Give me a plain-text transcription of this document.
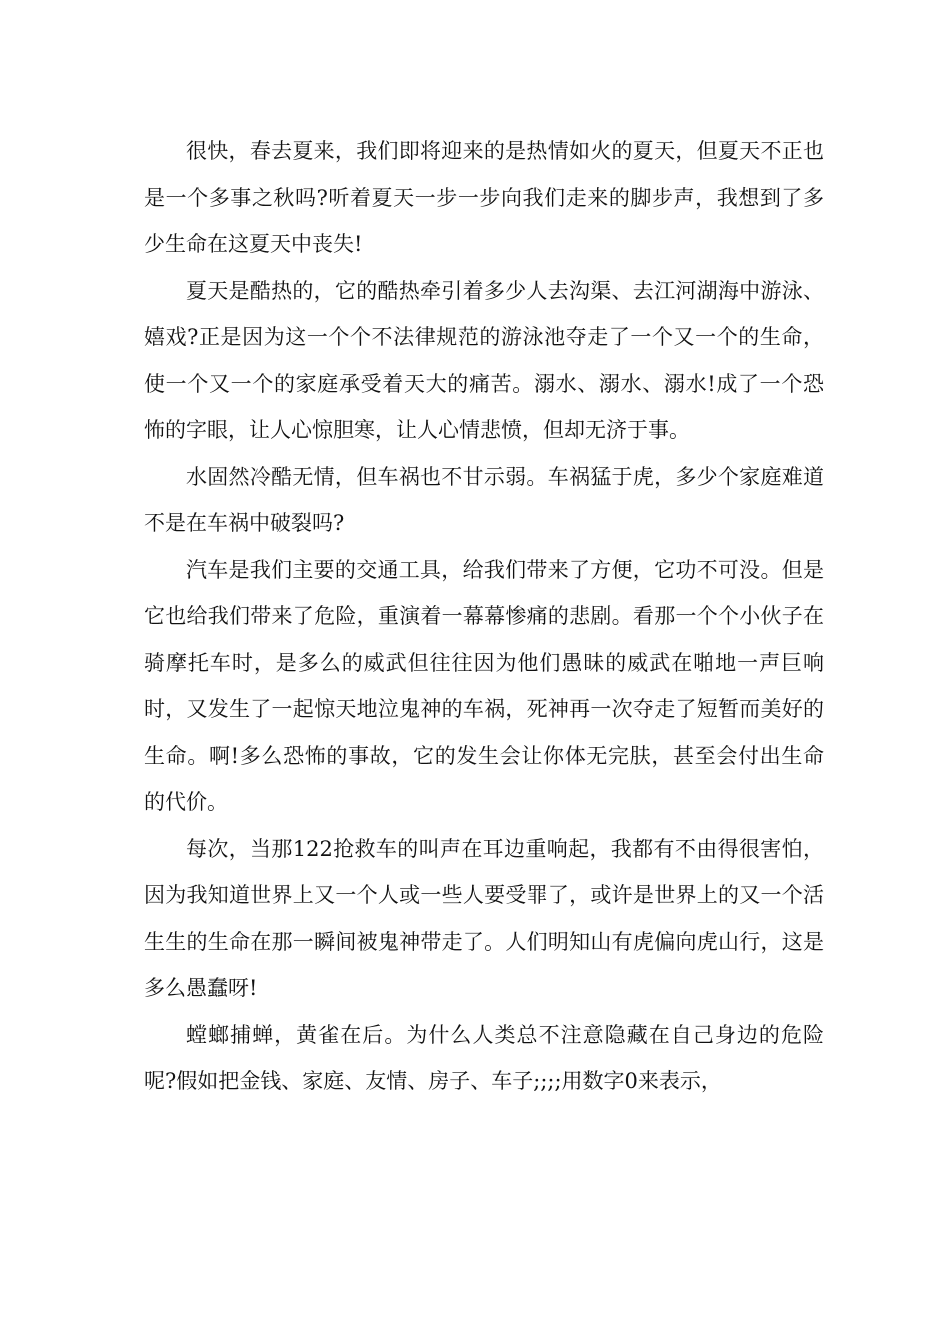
很快，春去夏来，我们即将迎来的是热情如火的夏天，但夏天不正也是一个多事之秋吗?听着夏天一步一步向我们走来的脚步声，我想到了多少生命在这夏天中丧失!

夏天是酷热的，它的酷热牵引着多少人去沟渠、去江河湖海中游泳、嬉戏?正是因为这一个个不法律规范的游泳池夺走了一个又一个的生命，使一个又一个的家庭承受着天大的痛苦。溺水、溺水、溺水!成了一个恐怖的字眼，让人心惊胆寒，让人心情悲愤，但却无济于事。

水固然冷酷无情，但车祸也不甘示弱。车祸猛于虎，多少个家庭难道不是在车祸中破裂吗?

汽车是我们主要的交通工具，给我们带来了方便，它功不可没。但是它也给我们带来了危险，重演着一幕幕惨痛的悲剧。看那一个个小伙子在骑摩托车时，是多么的威武但往往因为他们愚昧的威武在啪地一声巨响时，又发生了一起惊天地泣鬼神的车祸，死神再一次夺走了短暂而美好的生命。啊!多么恐怖的事故，它的发生会让你体无完肤，甚至会付出生命的代价。

每次，当那122抢救车的叫声在耳边重响起，我都有不由得很害怕，因为我知道世界上又一个人或一些人要受罪了，或许是世界上的又一个活生生的生命在那一瞬间被鬼神带走了。人们明知山有虎偏向虎山行，这是多么愚蠢呀!

螳螂捕蝉，黄雀在后。为什么人类总不注意隐藏在自己身边的危险呢?假如把金钱、家庭、友情、房子、车子;;;;用数字0来表示，
